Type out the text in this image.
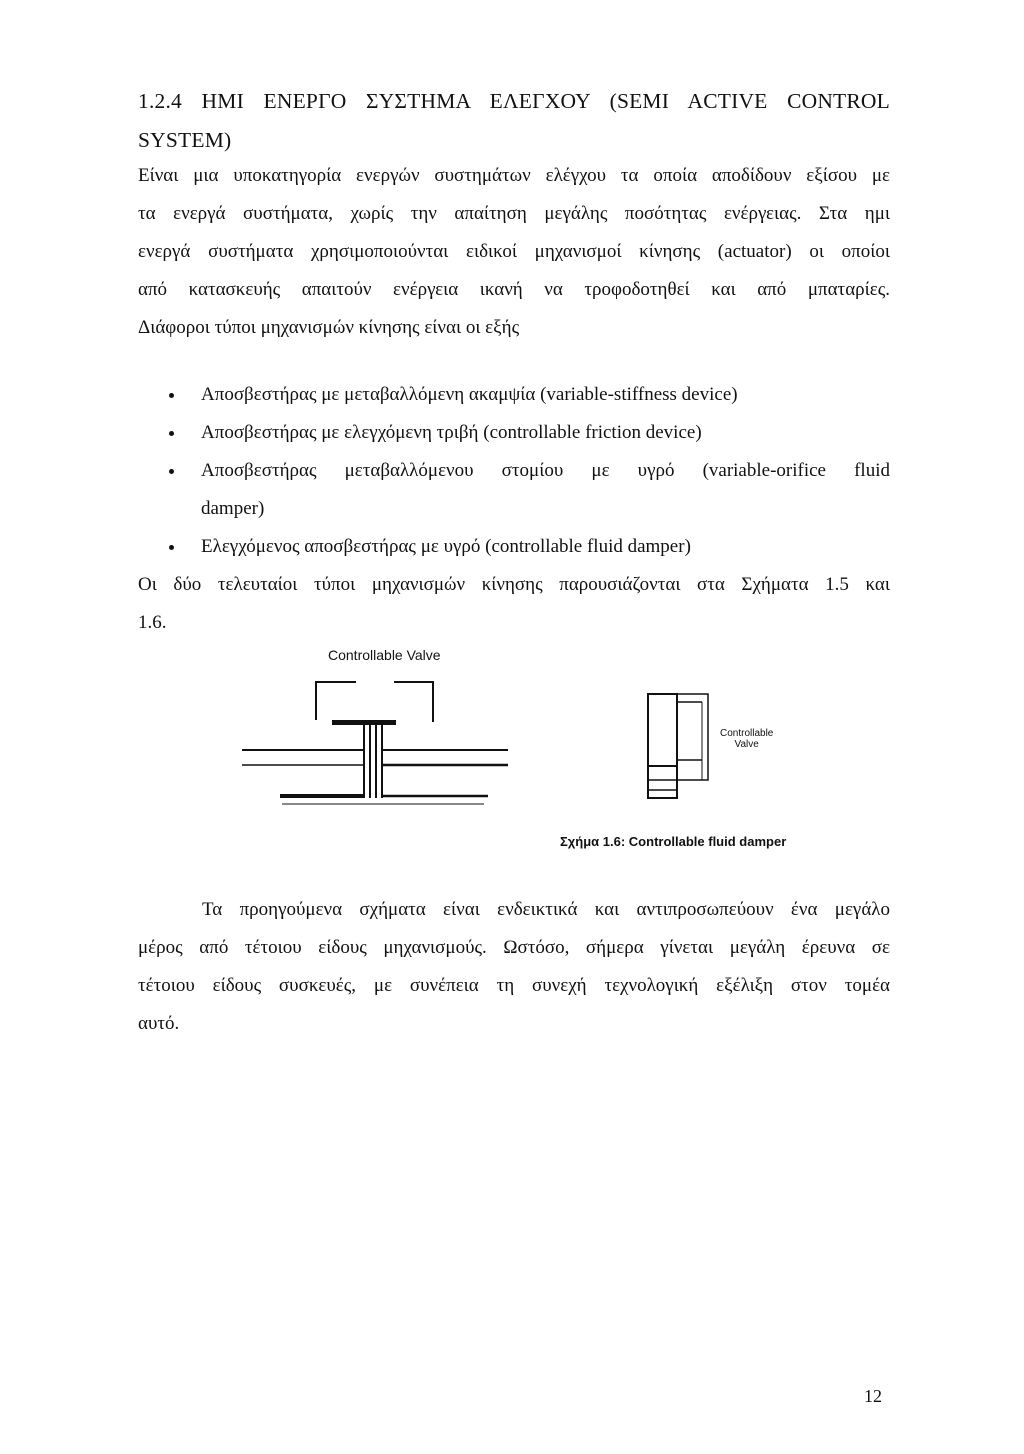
1.2.4 ΗΜΙ ΕΝΕΡΓΟ ΣΥΣΤΗΜΑ ΕΛΕΓΧΟΥ (SEMI ACTIVE CONTROL
SYSTEM)
Είναι μια υποκατηγορία ενεργών συστημάτων ελέγχου τα οποία αποδίδουν εξίσου με
τα ενεργά συστήματα, χωρίς την απαίτηση μεγάλης ποσότητας ενέργειας. Στα ημι
ενεργά συστήματα χρησιμοποιούνται ειδικοί μηχανισμοί κίνησης (actuator) οι οποίοι
από κατασκευής απαιτούν ενέργεια ικανή να τροφοδοτηθεί και από μπαταρίες.
Διάφοροι τύποι μηχανισμών κίνησης είναι οι εξής
Αποσβεστήρας με μεταβαλλόμενη ακαμψία (variable-stiffness device)
Αποσβεστήρας με ελεγχόμενη τριβή (controllable friction device)
Αποσβεστήρας μεταβαλλόμενου στομίου με υγρό (variable-orifice fluid
damper)
Ελεγχόμενος αποσβεστήρας με υγρό (controllable fluid damper)
Οι δύο τελευταίοι τύποι μηχανισμών κίνησης παρουσιάζονται στα Σχήματα 1.5 και
1.6.
Controllable Valve
Controllable
Valve
Σχήμα 1.6: Controllable fluid damper
Τα προηγούμενα σχήματα είναι ενδεικτικά και αντιπροσωπεύουν ένα μεγάλο
μέρος από τέτοιου είδους μηχανισμούς. Ωστόσο, σήμερα γίνεται μεγάλη έρευνα σε
τέτοιου είδους συσκευές, με συνέπεια τη συνεχή τεχνολογική εξέλιξη στον τομέα
αυτό.
12
